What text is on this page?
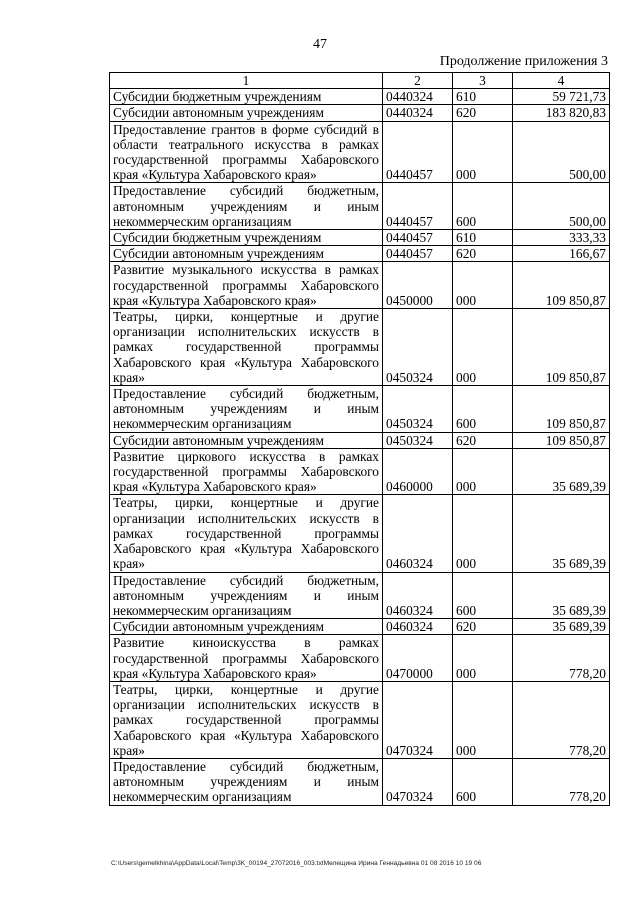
47
Продолжение приложения 3
1	2	3	4
Субсидии бюджетным учреждениям	0440324	610	59 721,73
Субсидии автономным учреждениям	0440324	620	183 820,83
Предоставление грантов в форме субсидий в области театрального искусства в рамках государственной программы Хабаровского края «Культура Хабаровского края»	0440457	000	500,00
Предоставление субсидий бюджетным, автономным учреждениям и иным некоммерческим организациям	0440457	600	500,00
Субсидии бюджетным учреждениям	0440457	610	333,33
Субсидии автономным учреждениям	0440457	620	166,67
Развитие музыкального искусства в рамках государственной программы Хабаровского края «Культура Хабаровского края»	0450000	000	109 850,87
Театры, цирки, концертные и другие организации исполнительских искусств в рамках государственной программы Хабаровского края «Культура Хабаровского края»	0450324	000	109 850,87
Предоставление субсидий бюджетным, автономным учреждениям и иным некоммерческим организациям	0450324	600	109 850,87
Субсидии автономным учреждениям	0450324	620	109 850,87
Развитие циркового искусства в рамках государственной программы Хабаровского края «Культура Хабаровского края»	0460000	000	35 689,39
Театры, цирки, концертные и другие организации исполнительских искусств в рамках государственной программы Хабаровского края «Культура Хабаровского края»	0460324	000	35 689,39
Предоставление субсидий бюджетным, автономным учреждениям и иным некоммерческим организациям	0460324	600	35 689,39
Субсидии автономным учреждениям	0460324	620	35 689,39
Развитие киноискусства в рамках государственной программы Хабаровского края «Культура Хабаровского края»	0470000	000	778,20
Театры, цирки, концертные и другие организации исполнительских искусств в рамках государственной программы Хабаровского края «Культура Хабаровского края»	0470324	000	778,20
Предоставление субсидий бюджетным, автономным учреждениям и иным некоммерческим организациям	0470324	600	778,20
C:\Users\gemelkhina\AppData\Local\Temp\3K_00194_27072016_003.txtMелещина Ирина Геннадьевна 01 08 2016 10 19 06
